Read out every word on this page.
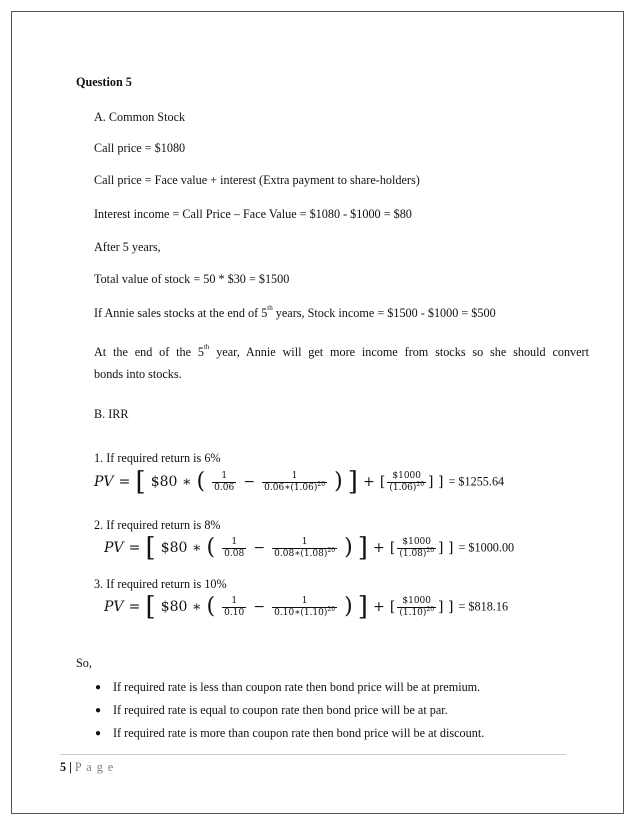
Question 5
A. Common Stock
Call price = $1080
Call price = Face value + interest (Extra payment to share-holders)
Interest income = Call Price – Face Value = $1080 - $1000 = $80
After 5 years,
Total value of stock = 50 * $30 = $1500
If Annie sales stocks at the end of 5th years, Stock income = $1500 - $1000 = $500
At the end of the 5th year, Annie will get more income from stocks so she should convert
bonds into stocks.
B. IRR
1. If required return is 6%
PV = [ $80 ∗ ( $\frac{1}{0.06} - \frac{1}{0.06∗(1.06)^{20}}$ ) ] + [ $\frac{\$1000}{(1.06)^{20}}$ ] ] = $1255.64
2. If required return is 8%
PV = [ $80 ∗ ( $\frac{1}{0.08} - \frac{1}{0.08∗(1.08)^{20}}$ ) ] + [ $\frac{\$1000}{(1.08)^{20}}$ ] ] = $1000.00
3. If required return is 10%
PV = [ $80 ∗ ( $\frac{1}{0.10} - \frac{1}{0.10∗(1.10)^{20}}$ ) ] + [ $\frac{\$1000}{(1.10)^{20}}$ ] ] = $818.16
So,
● If required rate is less than coupon rate then bond price will be at premium.
● If required rate is equal to coupon rate then bond price will be at par.
● If required rate is more than coupon rate then bond price will be at discount.
5 | P a g e
